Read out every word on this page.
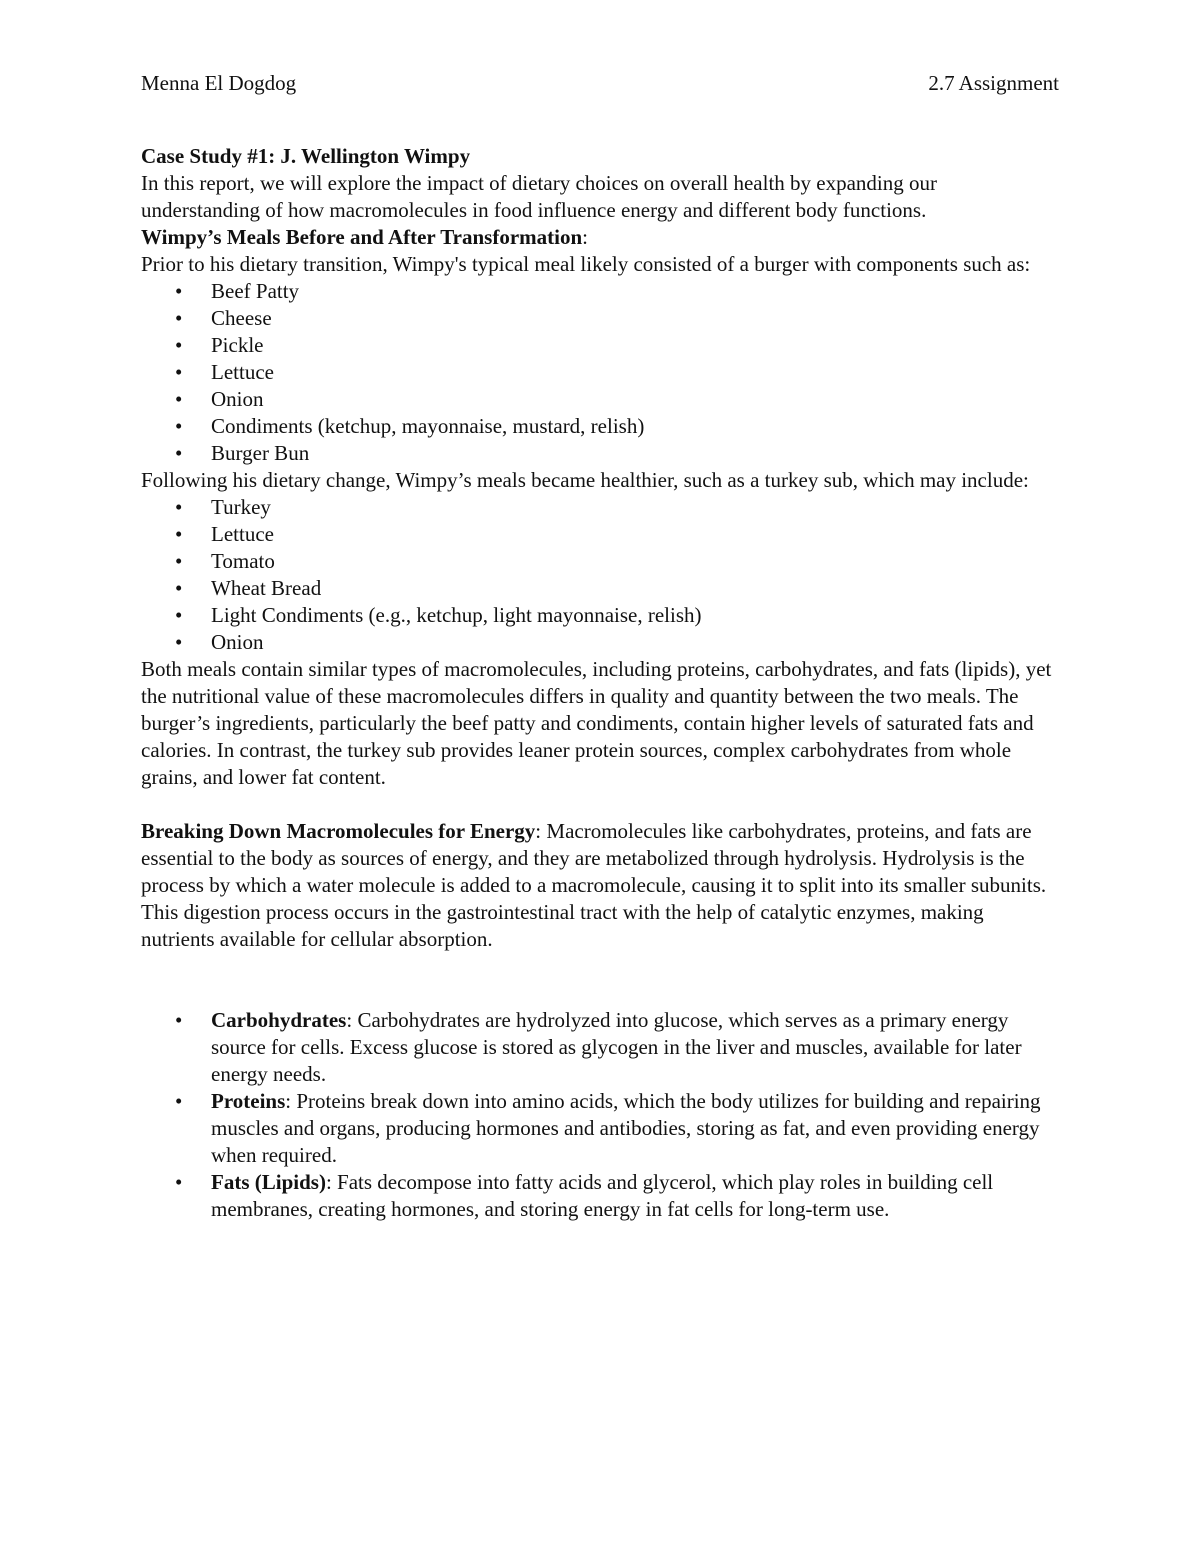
Menna El Dogdog	2.7 Assignment

Case Study #1: J. Wellington Wimpy

In this report, we will explore the impact of dietary choices on overall health by expanding our understanding of how macromolecules in food influence energy and different body functions.

Wimpy’s Meals Before and After Transformation:

Prior to his dietary transition, Wimpy's typical meal likely consisted of a burger with components such as:

• Beef Patty
• Cheese
• Pickle
• Lettuce
• Onion
• Condiments (ketchup, mayonnaise, mustard, relish)
• Burger Bun

Following his dietary change, Wimpy’s meals became healthier, such as a turkey sub, which may include:

• Turkey
• Lettuce
• Tomato
• Wheat Bread
• Light Condiments (e.g., ketchup, light mayonnaise, relish)
• Onion

Both meals contain similar types of macromolecules, including proteins, carbohydrates, and fats (lipids), yet the nutritional value of these macromolecules differs in quality and quantity between the two meals. The burger’s ingredients, particularly the beef patty and condiments, contain higher levels of saturated fats and calories. In contrast, the turkey sub provides leaner protein sources, complex carbohydrates from whole grains, and lower fat content.

Breaking Down Macromolecules for Energy: Macromolecules like carbohydrates, proteins, and fats are essential to the body as sources of energy, and they are metabolized through hydrolysis. Hydrolysis is the process by which a water molecule is added to a macromolecule, causing it to split into its smaller subunits. This digestion process occurs in the gastrointestinal tract with the help of catalytic enzymes, making nutrients available for cellular absorption.

• Carbohydrates: Carbohydrates are hydrolyzed into glucose, which serves as a primary energy source for cells. Excess glucose is stored as glycogen in the liver and muscles, available for later energy needs.
• Proteins: Proteins break down into amino acids, which the body utilizes for building and repairing muscles and organs, producing hormones and antibodies, storing as fat, and even providing energy when required.
• Fats (Lipids): Fats decompose into fatty acids and glycerol, which play roles in building cell membranes, creating hormones, and storing energy in fat cells for long-term use.
